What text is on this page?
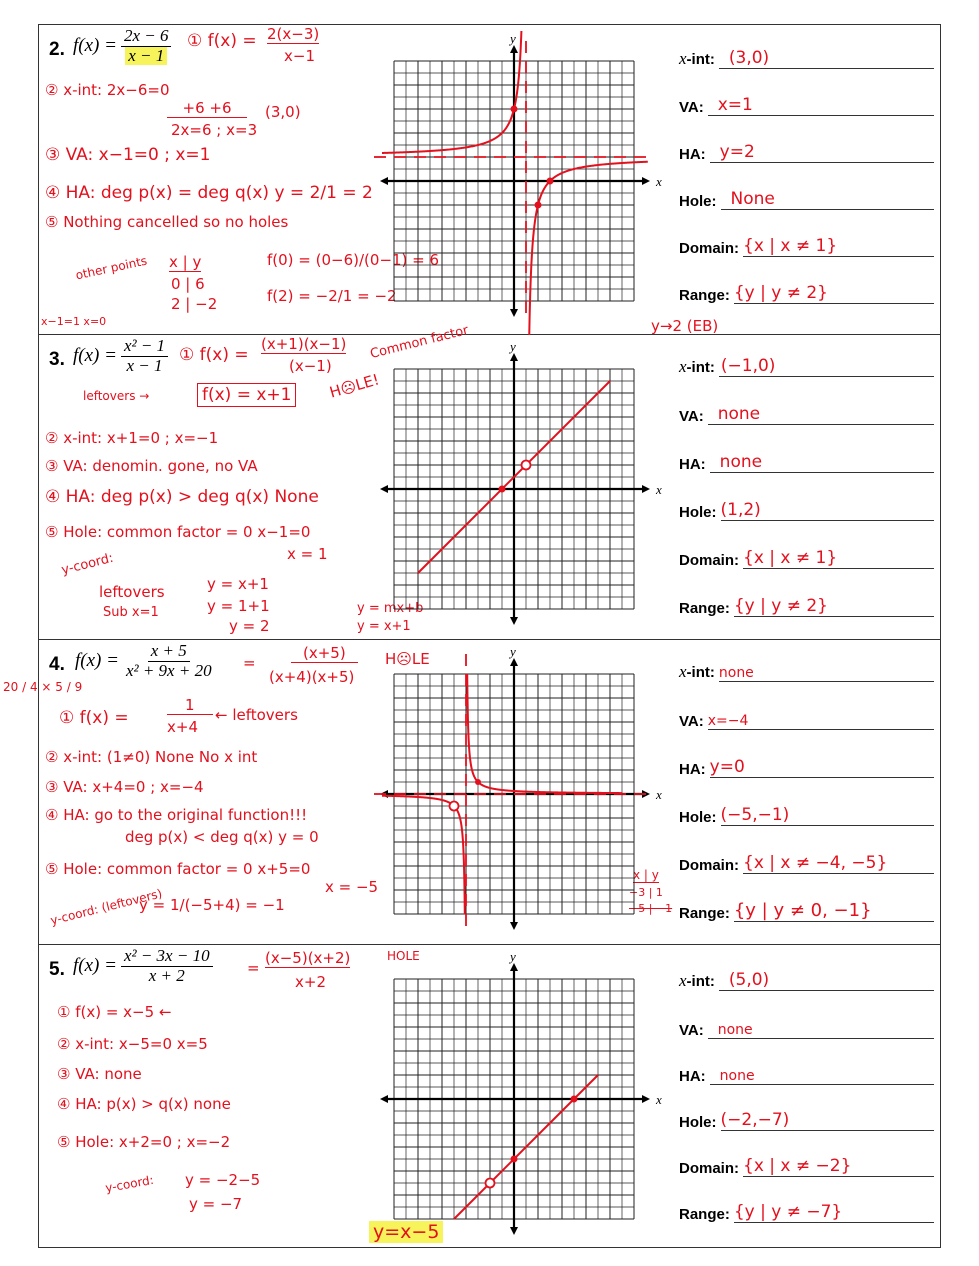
2. $f(x) = \frac{2x - 6}{x - 1}$ ① f(x) = 2(x−3)
x−1
② x-int: 2x−6=0
+6 +6
2x=6 ; x=3
(3,0)
③ VA: x−1=0 ; x=1
④ HA: deg p(x) = deg q(x) y = 2/1 = 2
⑤ Nothing cancelled so no holes
other points x | y
0 | 6
2 | −2
x−1=1 x=0
f(0) = (0−6)/(0−1) = 6
f(2) = −2/1 = −2
y→2 (EB)
x
y
x-int: (3,0)
VA: x=1
HA: y=2
Hole: None
Domain: {x | x ≠ 1}
Range: {y | y ≠ 2}
3. $f(x) = \frac{\text{x² − 1}}{x - 1}$ ① f(x) =
(x+1)(x−1)
(x−1)
Common factor
H☹LE!
leftovers →	f(x) = x+1
② x-int: x+1=0 ; x=−1
③ VA: denomin. gone, no VA
④ HA: deg p(x) > deg q(x) None
⑤ Hole: common factor = 0 x−1=0
x = 1
y-coord:
leftovers
Sub x=1
y = x+1
y = 1+1
y = 2
y = mx+b
y = x+1
x
y
x-int: (−1,0)
VA: none
HA: none
Hole: (1,2)
Domain: {x | x ≠ 1}
Range: {y | y ≠ 2}
4. $f(x) = \frac{x + 5}{\text{x² + 9x + 20}}$ =
(x+5)
(x+4)(x+5)
H☹LE
20 / 4 × 5 / 9
① f(x) =
1
x+4
← leftovers
② x-int: (1≠0) None No x int
③ VA: x+4=0 ; x=−4
④ HA: go to the original function!!!
deg p(x) < deg q(x) y = 0
⑤ Hole: common factor = 0 x+5=0
x = −5
y-coord: (leftovers)
y = 1/(−5+4) = −1
x | y
−3 | 1
−5 | −1
x
y
x-int: none
VA: x=−4
HA: y=0
Hole: (−5,−1)
Domain: {x | x ≠ −4, −5}
Range: {y | y ≠ 0, −1}
5. $f(x) = \frac{\text{x² − 3x − 10}}{x + 2}$ =
(x−5)(x+2)
x+2
HOLE
① f(x) = x−5 ←
② x-int: x−5=0 x=5
③ VA: none
④ HA: p(x) > q(x) none
⑤ Hole: x+2=0 ; x=−2
y-coord: y = −2−5
y = −7
y=x−5
x
y
x-int: (5,0)
VA: none
HA: none
Hole: (−2,−7)
Domain: {x | x ≠ −2}
Range: {y | y ≠ −7}
